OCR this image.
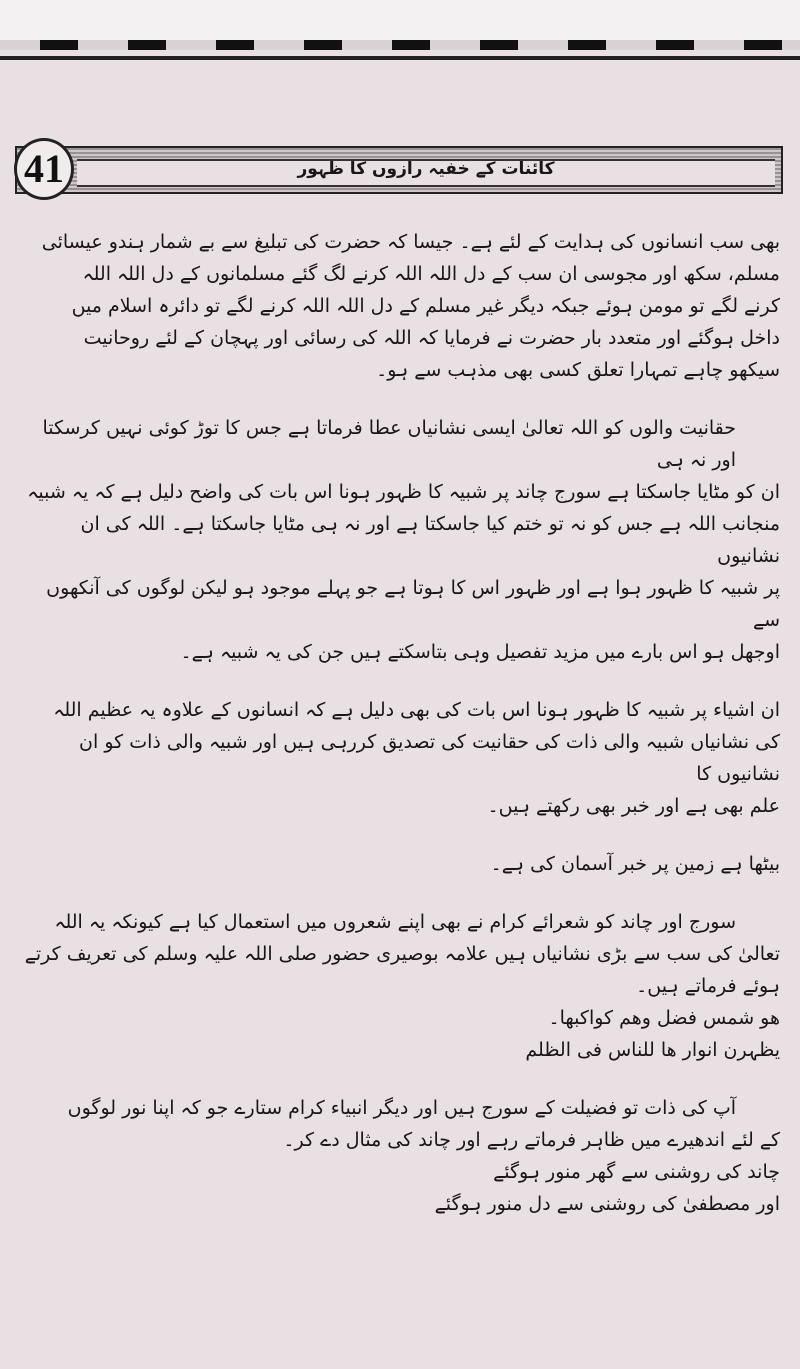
کائنات کے خفیہ رازوں کا ظہور
41
بھی سب انسانوں کی ہدایت کے لئے ہے۔ جیسا کہ حضرت کی تبلیغ سے بے شمار ہندو عیسائی
مسلم، سکھ اور مجوسی ان سب کے دل اللہ اللہ کرنے لگ گئے مسلمانوں کے دل اللہ اللہ
کرنے لگے تو مومن ہوئے جبکہ دیگر غیر مسلم کے دل اللہ اللہ کرنے لگے تو دائرہ اسلام میں
داخل ہوگئے اور متعدد بار حضرت نے فرمایا کہ اللہ کی رسائی اور پہچان کے لئے روحانیت
سیکھو چاہے تمہارا تعلق کسی بھی مذہب سے ہو۔
حقانیت والوں کو اللہ تعالیٰ ایسی نشانیاں عطا فرماتا ہے جس کا توڑ کوئی نہیں کرسکتا اور نہ ہی
ان کو مٹایا جاسکتا ہے سورج چاند پر شبیہ کا ظہور ہونا اس بات کی واضح دلیل ہے کہ یہ شبیہ
منجانب اللہ ہے جس کو نہ تو ختم کیا جاسکتا ہے اور نہ ہی مٹایا جاسکتا ہے۔ اللہ کی ان نشانیوں
پر شبیہ کا ظہور ہوا ہے اور ظہور اس کا ہوتا ہے جو پہلے موجود ہو لیکن لوگوں کی آنکھوں سے
اوجھل ہو اس بارے میں مزید تفصیل وہی بتاسکتے ہیں جن کی یہ شبیہ ہے۔
ان اشیاء پر شبیہ کا ظہور ہونا اس بات کی بھی دلیل ہے کہ انسانوں کے علاوہ یہ عظیم اللہ
کی نشانیاں شبیہ والی ذات کی حقانیت کی تصدیق کررہی ہیں اور شبیہ والی ذات کو ان نشانیوں کا
علم بھی ہے اور خبر بھی رکھتے ہیں۔
بیٹھا ہے زمین پر خبر آسمان کی ہے۔
سورج اور چاند کو شعرائے کرام نے بھی اپنے شعروں میں استعمال کیا ہے کیونکہ یہ اللہ
تعالیٰ کی سب سے بڑی نشانیاں ہیں علامہ بوصیری حضور صلی اللہ علیہ وسلم کی تعریف کرتے
ہوئے فرماتے ہیں۔
ھو شمس فضل وھم کواکبھا۔
یظہرن انوار ھا للناس فی الظلم
آپ کی ذات تو فضیلت کے سورج ہیں اور دیگر انبیاء کرام ستارے جو کہ اپنا نور لوگوں
کے لئے اندھیرے میں ظاہر فرماتے رہے اور چاند کی مثال دے کر۔
چاند کی روشنی سے گھر منور ہوگئے
اور مصطفیٰ کی روشنی سے دل منور ہوگئے
